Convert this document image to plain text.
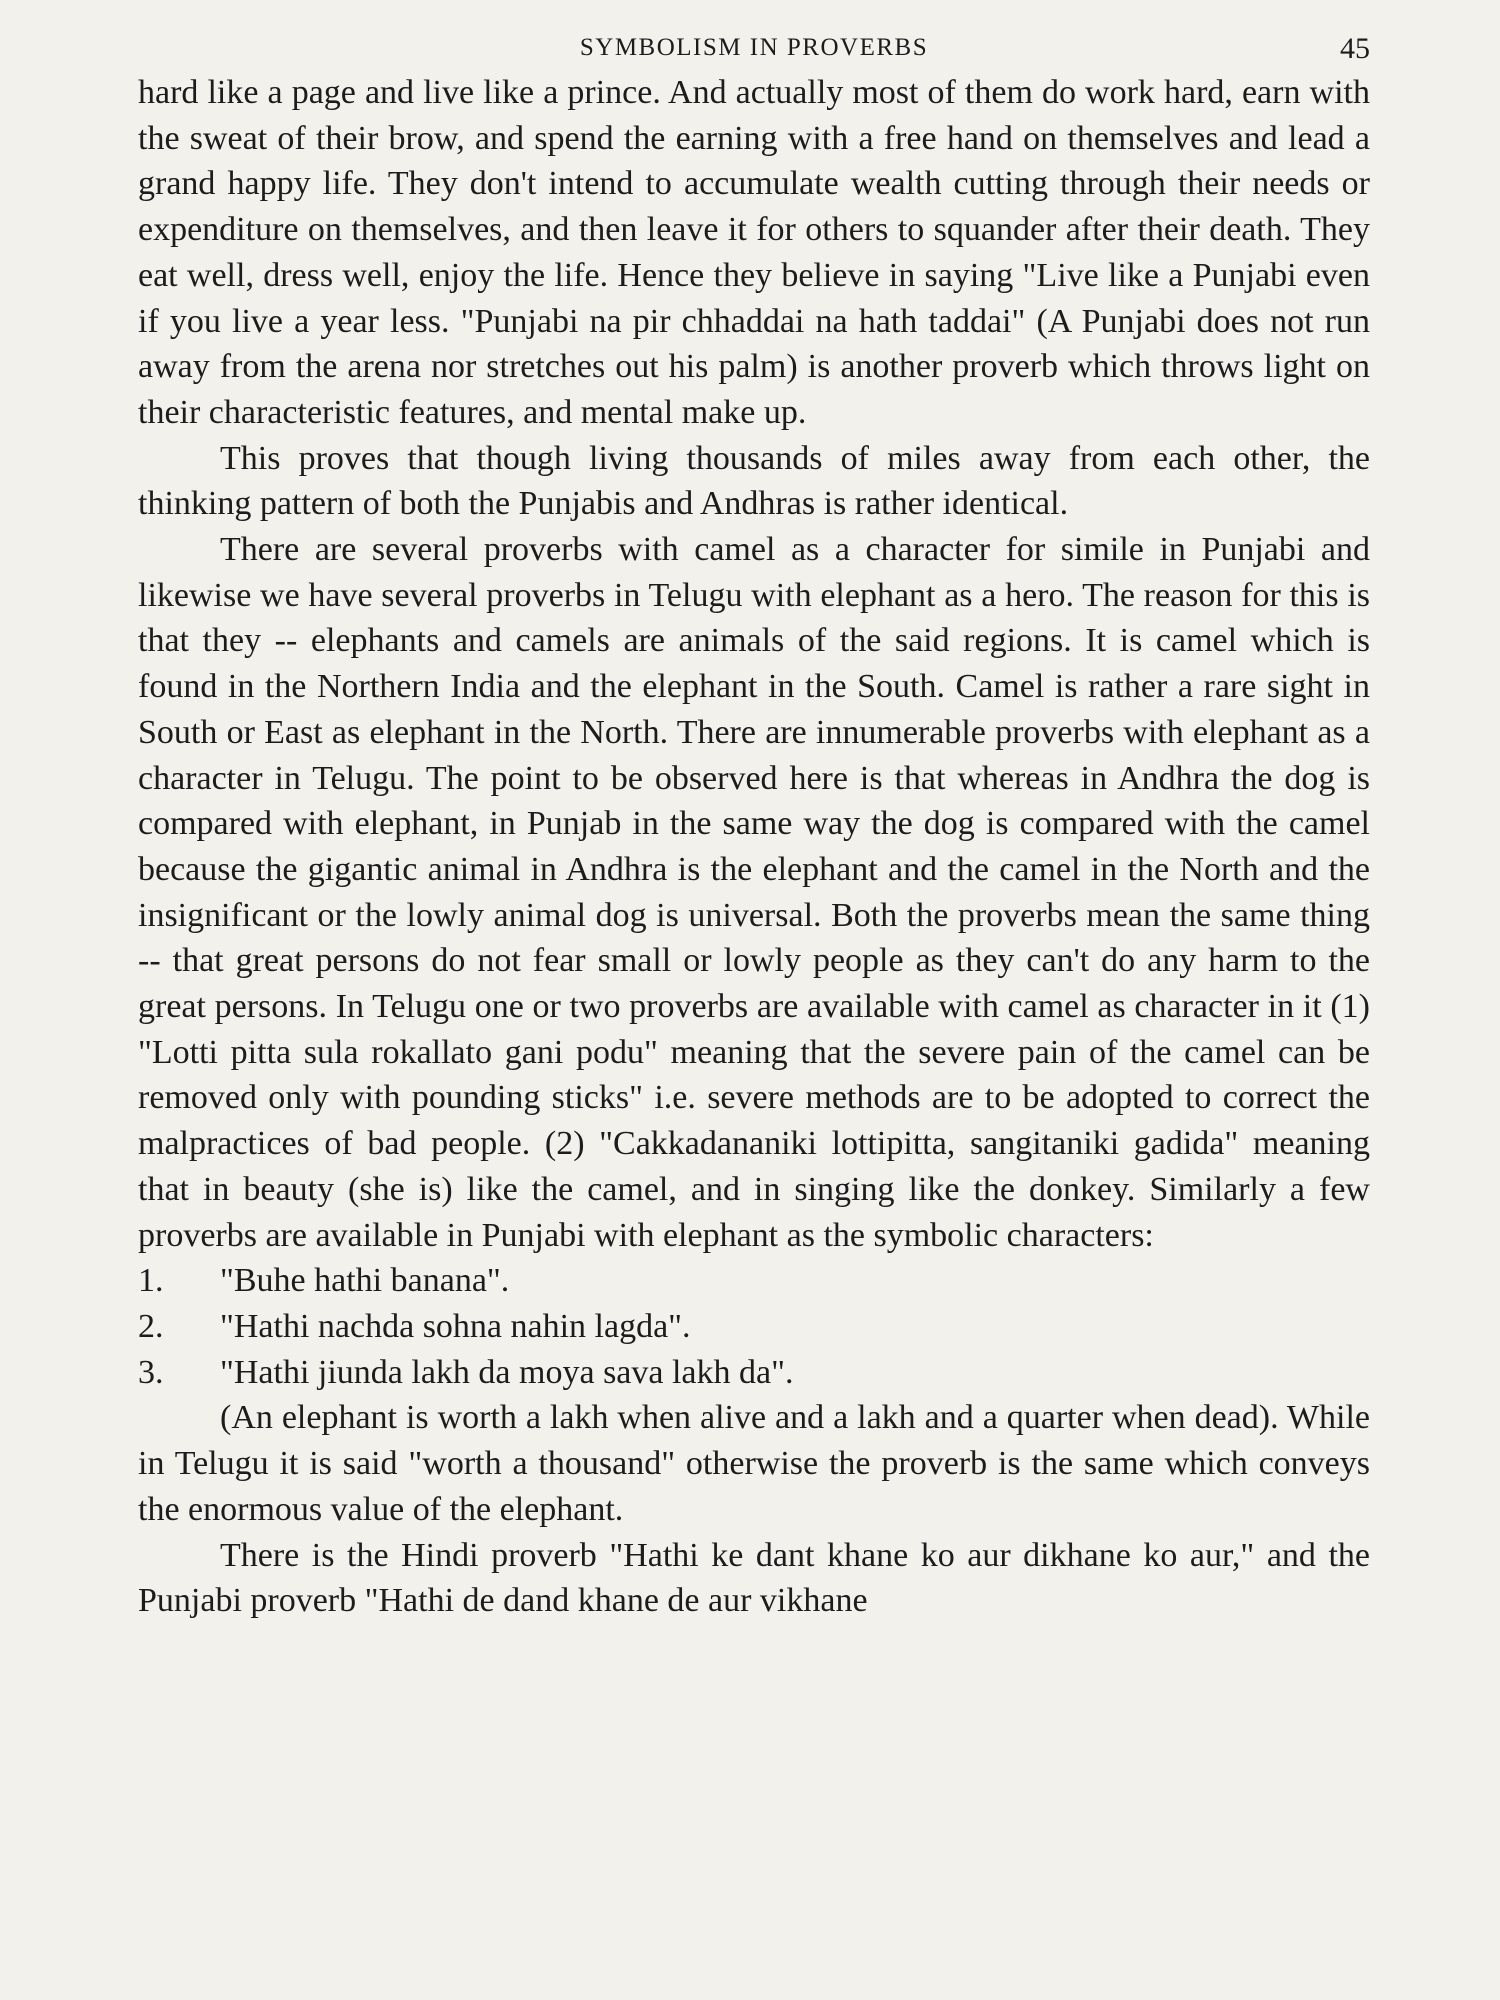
SYMBOLISM IN PROVERBS	45

hard like a page and live like a prince. And actually most of them do work hard, earn with the sweat of their brow, and spend the earning with a free hand on themselves and lead a grand happy life. They don't intend to accumulate wealth cutting through their needs or expenditure on themselves, and then leave it for others to squander after their death. They eat well, dress well, enjoy the life. Hence they believe in saying "Live like a Punjabi even if you live a year less. "Punjabi na pir chhaddai na hath taddai" (A Punjabi does not run away from the arena nor stretches out his palm) is another proverb which throws light on their characteristic features, and mental make up.

This proves that though living thousands of miles away from each other, the thinking pattern of both the Punjabis and Andhras is rather identical.

There are several proverbs with camel as a character for simile in Punjabi and likewise we have several proverbs in Telugu with elephant as a hero. The reason for this is that they -- elephants and camels are animals of the said regions. It is camel which is found in the Northern India and the elephant in the South. Camel is rather a rare sight in South or East as elephant in the North. There are innumerable proverbs with elephant as a character in Telugu. The point to be observed here is that whereas in Andhra the dog is compared with elephant, in Punjab in the same way the dog is compared with the camel because the gigantic animal in Andhra is the elephant and the camel in the North and the insignificant or the lowly animal dog is universal. Both the proverbs mean the same thing -- that great persons do not fear small or lowly people as they can't do any harm to the great persons. In Telugu one or two proverbs are available with camel as character in it (1) "Lotti pitta sula rokallato gani podu" meaning that the severe pain of the camel can be removed only with pounding sticks" i.e. severe methods are to be adopted to correct the malpractices of bad people. (2) "Cakkadananiki lottipitta, sangitaniki gadida" meaning that in beauty (she is) like the camel, and in singing like the donkey. Similarly a few proverbs are available in Punjabi with elephant as the symbolic characters:

1.	"Buhe hathi banana".
2.	"Hathi nachda sohna nahin lagda".
3.	"Hathi jiunda lakh da moya sava lakh da".

(An elephant is worth a lakh when alive and a lakh and a quarter when dead). While in Telugu it is said "worth a thousand" otherwise the proverb is the same which conveys the enormous value of the elephant.

There is the Hindi proverb "Hathi ke dant khane ko aur dikhane ko aur," and the Punjabi proverb "Hathi de dand khane de aur vikhane
